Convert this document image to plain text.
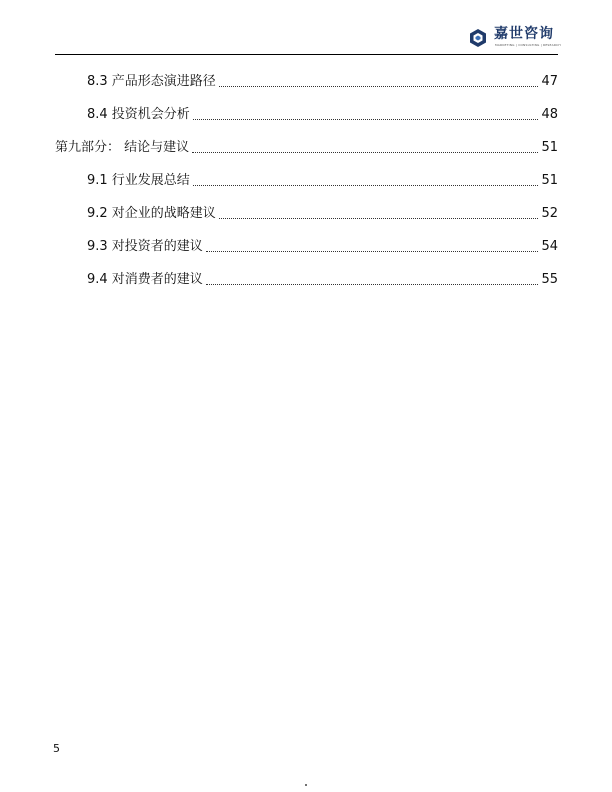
嘉世咨询
MARKETING | CONSULTING | RESEARCH
8.3 产品形态演进路径	47
8.4 投资机会分析	48
第九部分： 结论与建议	51
9.1 行业发展总结	51
9.2 对企业的战略建议	52
9.3 对投资者的建议	54
9.4 对消费者的建议	55
5
